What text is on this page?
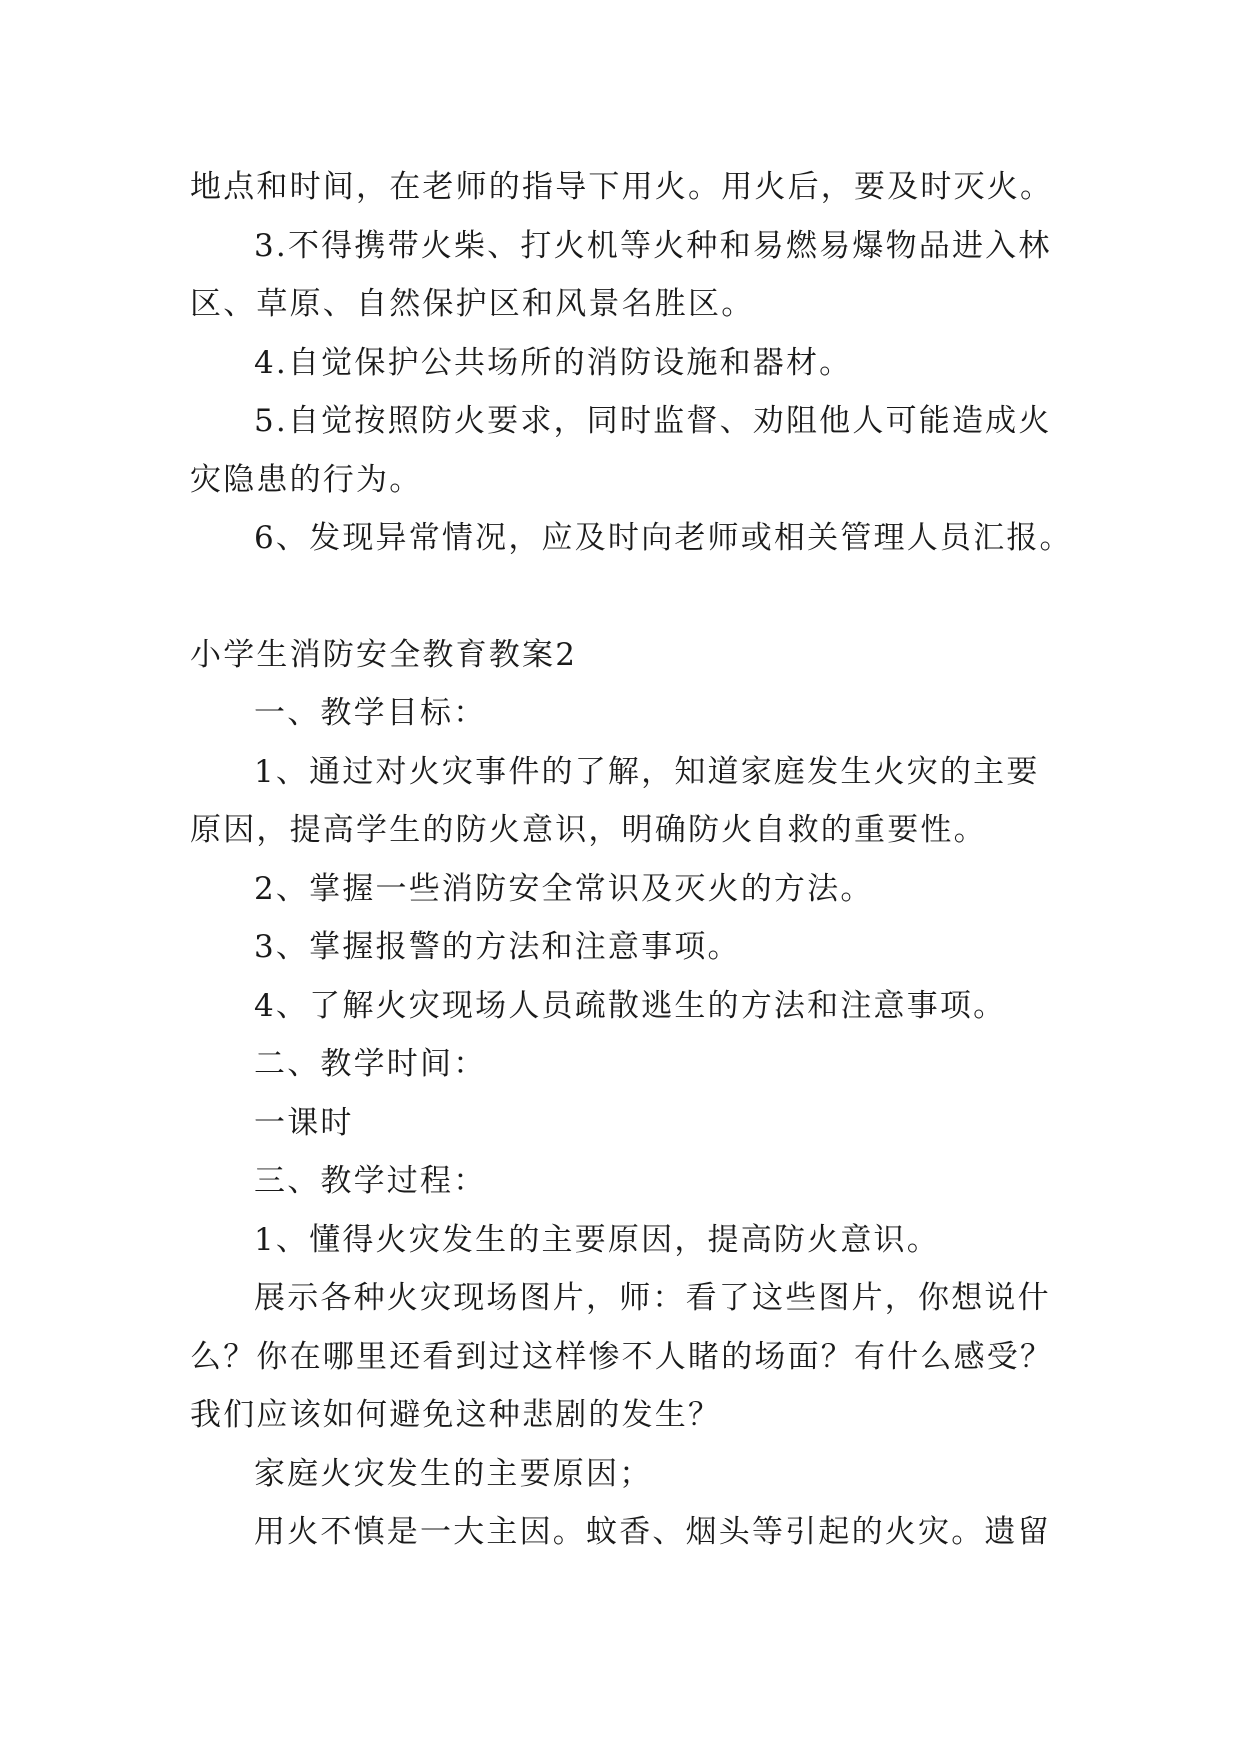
地点和时间，在老师的指导下用火。用火后，要及时灭火。
3.不得携带火柴、打火机等火种和易燃易爆物品进入林
区、草原、自然保护区和风景名胜区。
4.自觉保护公共场所的消防设施和器材。
5.自觉按照防火要求，同时监督、劝阻他人可能造成火
灾隐患的行为。
6、发现异常情况，应及时向老师或相关管理人员汇报。
小学生消防安全教育教案2
一、教学目标：
1、通过对火灾事件的了解，知道家庭发生火灾的主要
原因，提高学生的防火意识，明确防火自救的重要性。
2、掌握一些消防安全常识及灭火的方法。
3、掌握报警的方法和注意事项。
4、了解火灾现场人员疏散逃生的方法和注意事项。
二、教学时间：
一课时
三、教学过程：
1、懂得火灾发生的主要原因，提高防火意识。
展示各种火灾现场图片，师：看了这些图片，你想说什
么？你在哪里还看到过这样惨不人睹的场面？有什么感受？
我们应该如何避免这种悲剧的发生？
家庭火灾发生的主要原因；
用火不慎是一大主因。蚊香、烟头等引起的火灾。遗留
